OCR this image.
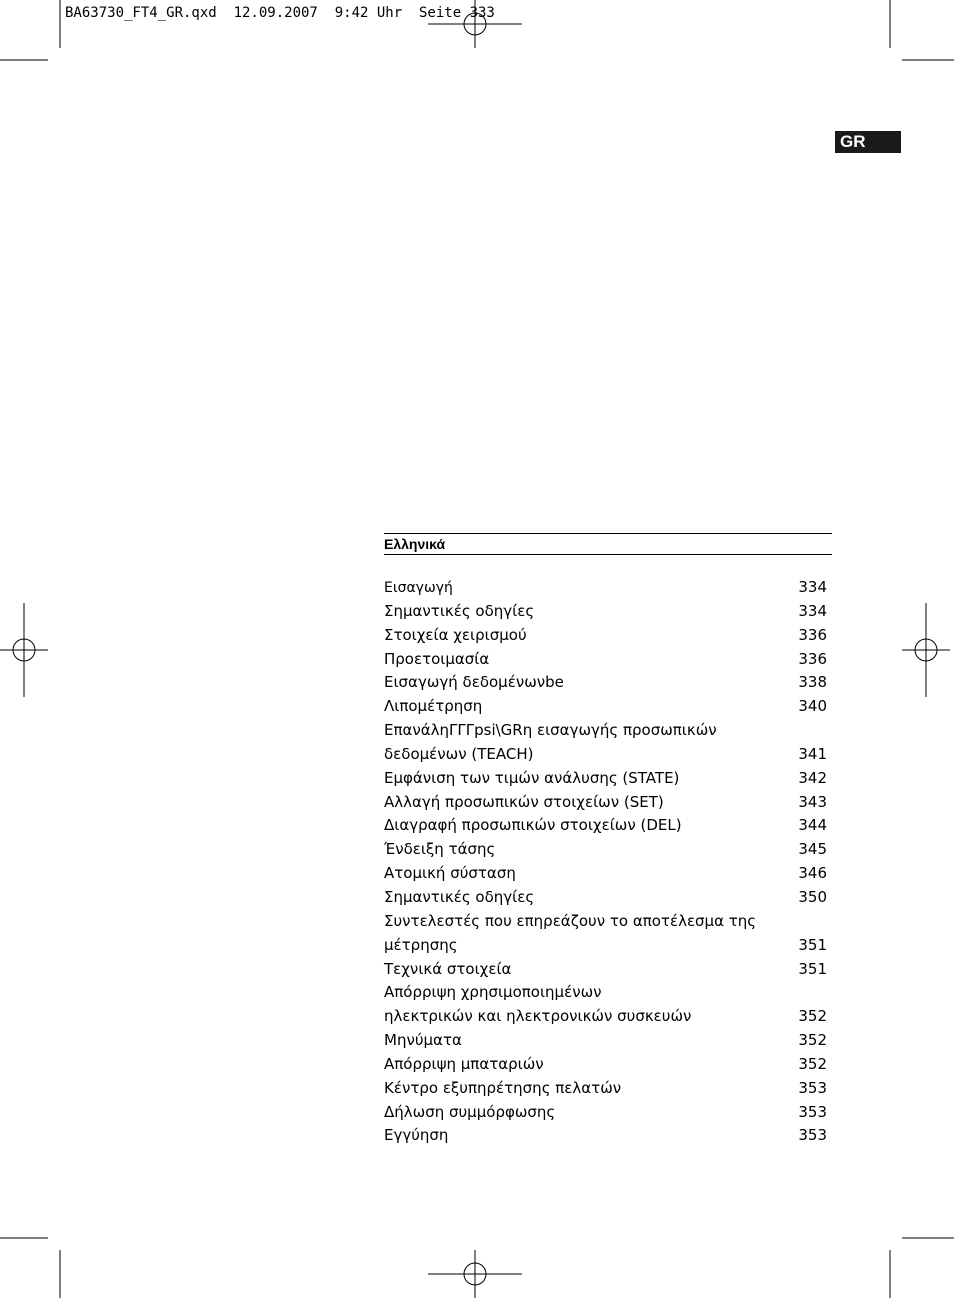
BA63730_FT4_GR.qxd  12.09.2007  9:42 Uhr  Seite 333
GR
Ελληνικά
Εισαγωγή	334
Σημαντικές οδηγίες	334
Στοιχεία χειρισμού	336
Προετοιμασία	336
Εισαγωγή δεδομένωνbe	338
Λιπομέτρηση	340
ΕπανάληΓΓΓpsi\GRη εισαγωγής προσωπικών
δεδομένων (TEACH)	341
Εμφάνιση των τιμών ανάλυσης (STATE)	342
Αλλαγή προσωπικών στοιχείων (SET)	343
Διαγραφή προσωπικών στοιχείων (DEL)	344
Ένδειξη τάσης	345
Ατομική σύσταση	346
Σημαντικές οδηγίες	350
Συντελεστές που επηρεάζουν το αποτέλεσμα της
μέτρησης	351
Τεχνικά στοιχεία	351
Απόρριψη χρησιμοποιημένων
ηλεκτρικών και ηλεκτρονικών συσκευών	352
Μηνύματα	352
Απόρριψη μπαταριών	352
Κέντρο εξυπηρέτησης πελατών	353
Δήλωση συμμόρφωσης	353
Εγγύηση	353
